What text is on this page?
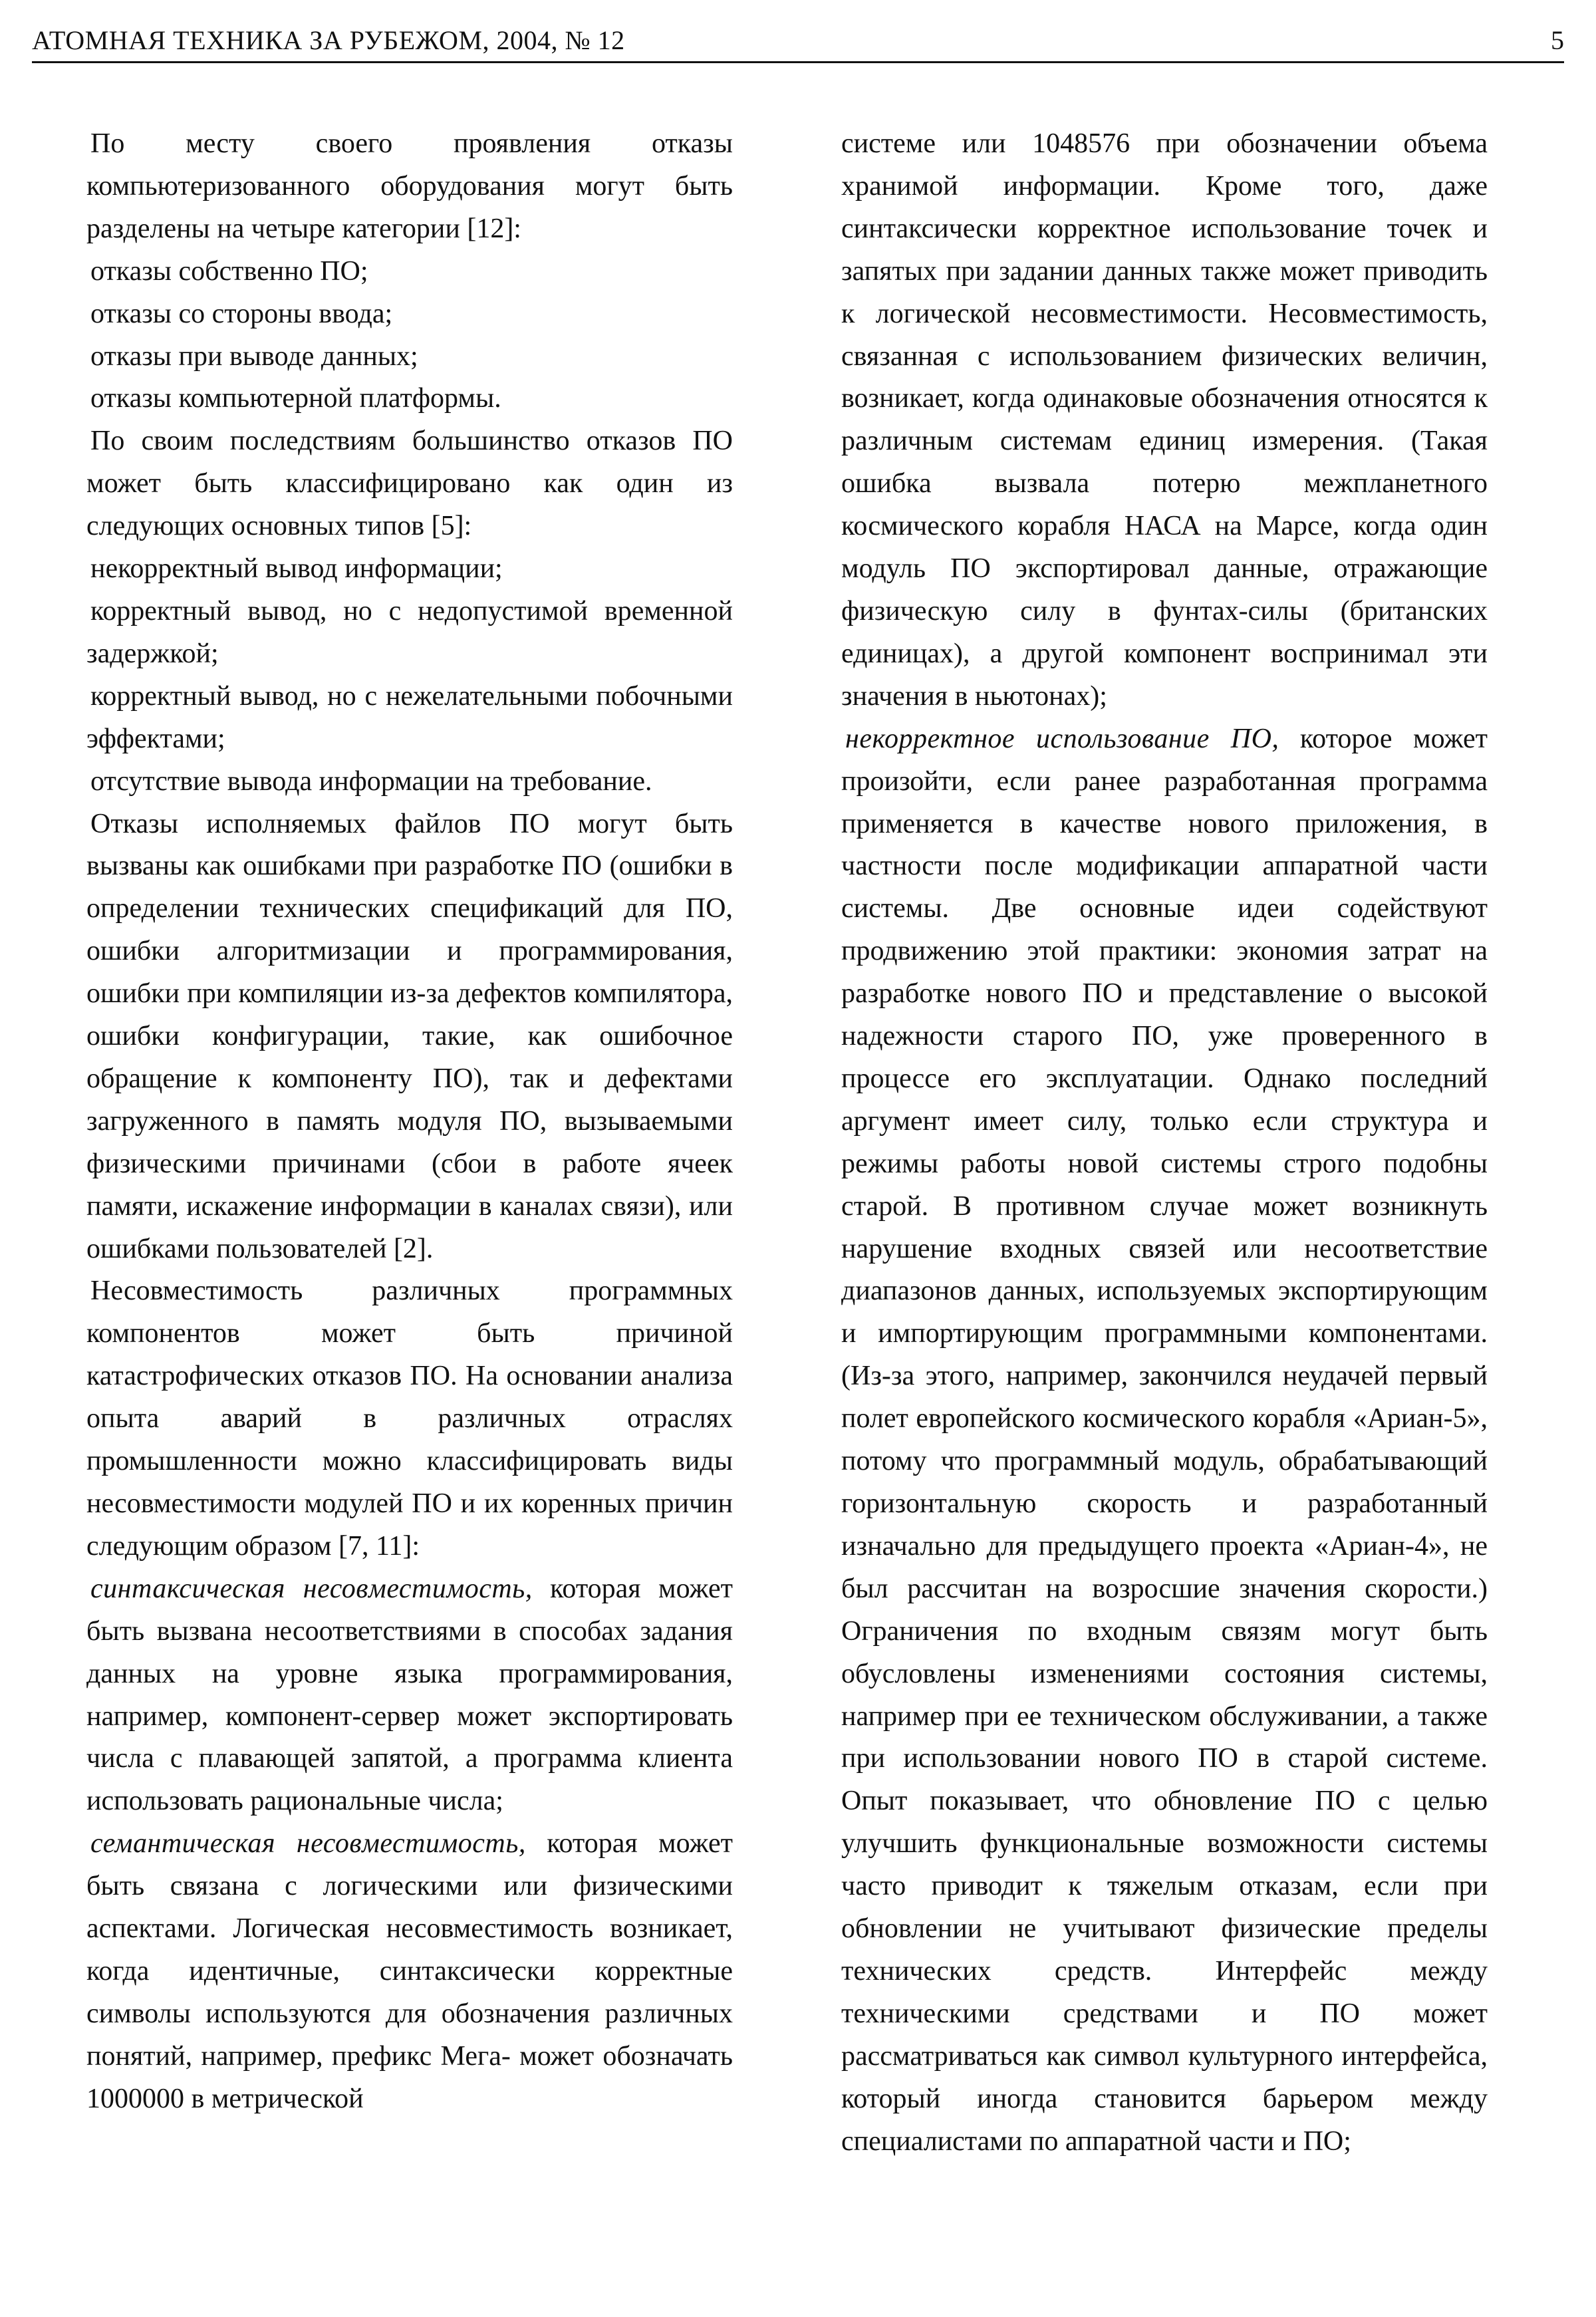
АТОМНАЯ ТЕХНИКА ЗА РУБЕЖОМ, 2004, № 12	5

По месту своего проявления отказы компьютеризованного оборудования могут быть разделены на четыре категории [12]:

отказы собственно ПО;

отказы со стороны ввода;

отказы при выводе данных;

отказы компьютерной платформы.

По своим последствиям большинство отказов ПО может быть классифицировано как один из следующих основных типов [5]:

некорректный вывод информации;

корректный вывод, но с недопустимой временной задержкой;

корректный вывод, но с нежелательными побочными эффектами;

отсутствие вывода информации на требование.

Отказы исполняемых файлов ПО могут быть вызваны как ошибками при разработке ПО (ошибки в определении технических спецификаций для ПО, ошибки алгоритмизации и программирования, ошибки при компиляции из-за дефектов компилятора, ошибки конфигурации, такие, как ошибочное обращение к компоненту ПО), так и дефектами загруженного в память модуля ПО, вызываемыми физическими причинами (сбои в работе ячеек памяти, искажение информации в каналах связи), или ошибками пользователей [2].

Несовместимость различных программных компонентов может быть причиной катастрофических отказов ПО. На основании анализа опыта аварий в различных отраслях промышленности можно классифицировать виды несовместимости модулей ПО и их коренных причин следующим образом [7, 11]:

синтаксическая несовместимость, которая может быть вызвана несоответствиями в способах задания данных на уровне языка программирования, например, компонент-сервер может экспортировать числа с плавающей запятой, а программа клиента использовать рациональные числа;

семантическая несовместимость, которая может быть связана с логическими или физическими аспектами. Логическая несовместимость возникает, когда идентичные, синтаксически корректные символы используются для обозначения различных понятий, например, префикс Мега- может обозначать 1000000 в метрической

системе или 1048576 при обозначении объема хранимой информации. Кроме того, даже синтаксически корректное использование точек и запятых при задании данных также может приводить к логической несовместимости. Несовместимость, связанная с использованием физических величин, возникает, когда одинаковые обозначения относятся к различным системам единиц измерения. (Такая ошибка вызвала потерю межпланетного космического корабля НАСА на Марсе, когда один модуль ПО экспортировал данные, отражающие физическую силу в фунтах-силы (британских единицах), а другой компонент воспринимал эти значения в ньютонах);

некорректное использование ПО, которое может произойти, если ранее разработанная программа применяется в качестве нового приложения, в частности после модификации аппаратной части системы. Две основные идеи содействуют продвижению этой практики: экономия затрат на разработке нового ПО и представление о высокой надежности старого ПО, уже проверенного в процессе его эксплуатации. Однако последний аргумент имеет силу, только если структура и режимы работы новой системы строго подобны старой. В противном случае может возникнуть нарушение входных связей или несоответствие диапазонов данных, используемых экспортирующим и импортирующим программными компонентами. (Из-за этого, например, закончился неудачей первый полет европейского космического корабля «Ариан-5», потому что программный модуль, обрабатывающий горизонтальную скорость и разработанный изначально для предыдущего проекта «Ариан-4», не был рассчитан на возросшие значения скорости.) Ограничения по входным связям могут быть обусловлены изменениями состояния системы, например при ее техническом обслуживании, а также при использовании нового ПО в старой системе. Опыт показывает, что обновление ПО с целью улучшить функциональные возможности системы часто приводит к тяжелым отказам, если при обновлении не учитывают физические пределы технических средств. Интерфейс между техническими средствами и ПО может рассматриваться как символ культурного интерфейса, который иногда становится барьером между специалистами по аппаратной части и ПО;
